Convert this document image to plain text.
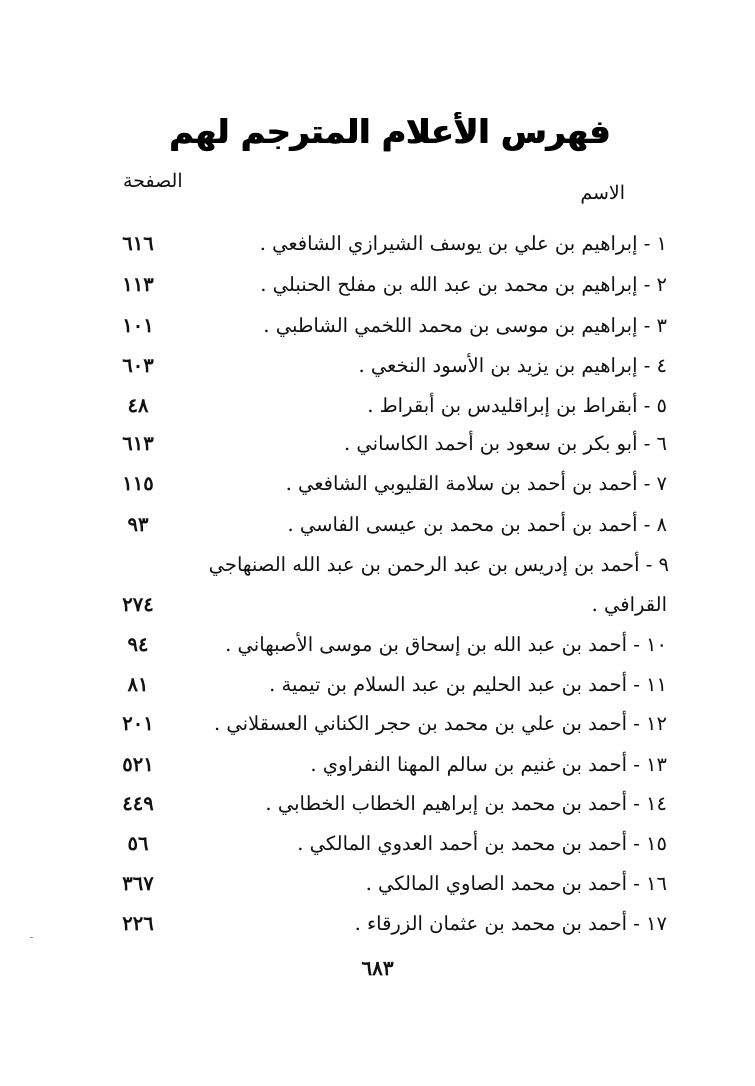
فهرس الأعلام المترجم لهم
الاسم
الصفحة
١ - إبراهيم بن علي بن يوسف الشيرازي الشافعي .
٦١٦
٢ - إبراهيم بن محمد بن عبد الله بن مفلح الحنبلي .
١١٣
٣ - إبراهيم بن موسى بن محمد اللخمي الشاطبي .
١٠١
٤ - إبراهيم بن يزيد بن الأسود النخعي .
٦٠٣
٥ - أبقراط بن إبراقليدس بن أبقراط .
٤٨
٦ - أبو بكر بن سعود بن أحمد الكاساني .
٦١٣
٧ - أحمد بن أحمد بن سلامة القليوبي الشافعي .
١١٥
٨ - أحمد بن أحمد بن محمد بن عيسى الفاسي .
٩٣
٩ - أحمد بن إدريس بن عبد الرحمن بن عبد الله الصنهاجي
القرافي .
٢٧٤
١٠ - أحمد بن عبد الله بن إسحاق بن موسى الأصبهاني .
٩٤
١١ - أحمد بن عبد الحليم بن عبد السلام بن تيمية .
٨١
١٢ - أحمد بن علي بن محمد بن حجر الكناني العسقلاني .
٢٠١
١٣ - أحمد بن غنيم بن سالم المهنا النفراوي .
٥٢١
١٤ - أحمد بن محمد بن إبراهيم الخطاب الخطابي .
٤٤٩
١٥ - أحمد بن محمد بن أحمد العدوي المالكي .
٥٦
١٦ - أحمد بن محمد الصاوي المالكي .
٣٦٧
١٧ - أحمد بن محمد بن عثمان الزرقاء .
٢٢٦
٦٨٣
